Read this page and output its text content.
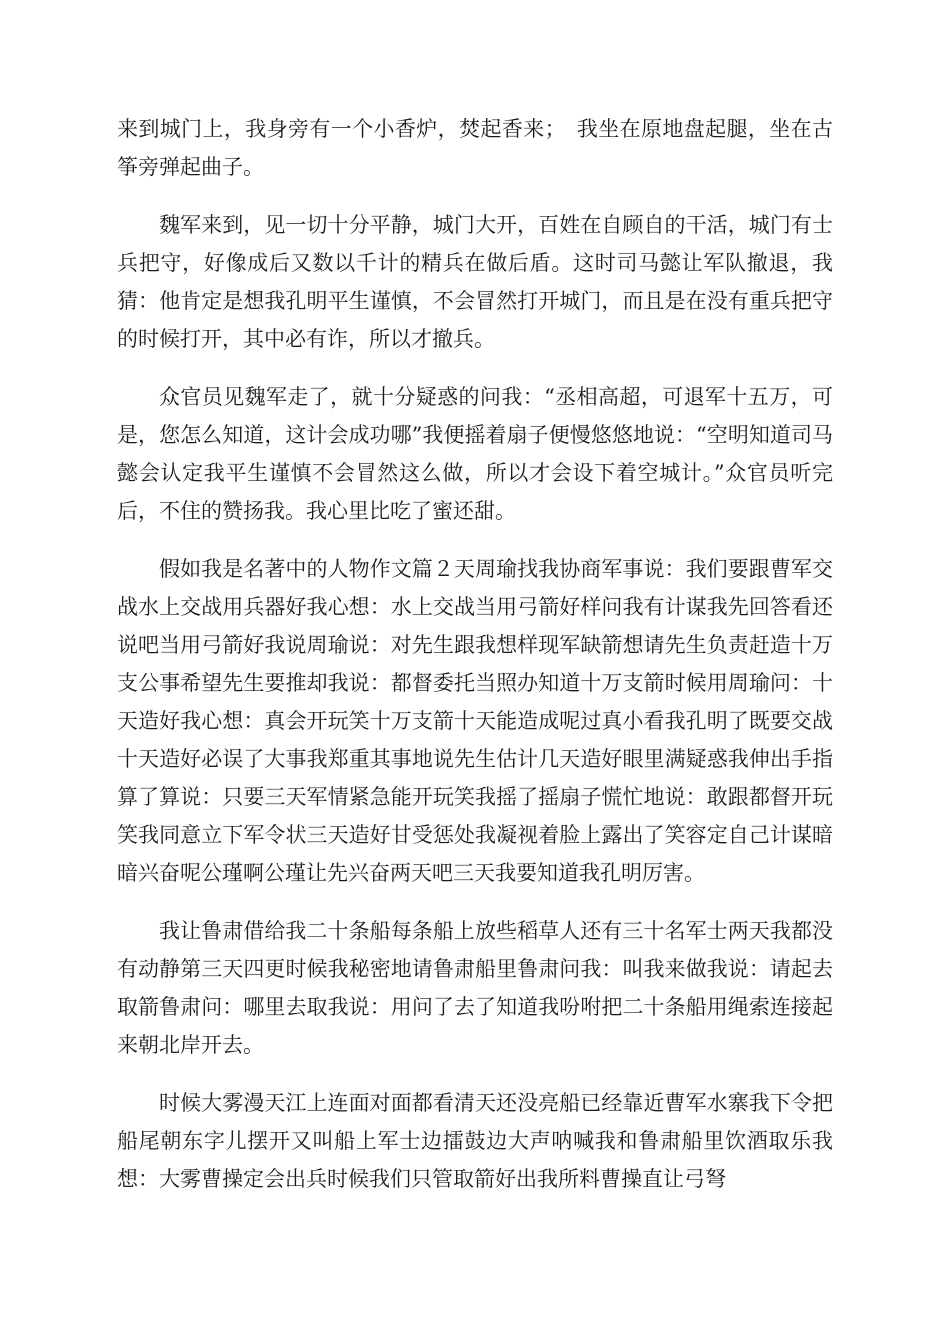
来到城门上，我身旁有一个小香炉，焚起香来；　我坐在原地盘起腿，坐在古筝旁弹起曲子。

魏军来到，见一切十分平静，城门大开，百姓在自顾自的干活，城门有士兵把守，好像成后又数以千计的精兵在做后盾。这时司马懿让军队撤退，我猜：他肯定是想我孔明平生谨慎，不会冒然打开城门，而且是在没有重兵把守的时候打开，其中必有诈，所以才撤兵。

众官员见魏军走了，就十分疑惑的问我：“丞相高超，可退军十五万，可是，您怎么知道，这计会成功哪”我便摇着扇子便慢悠悠地说：“空明知道司马懿会认定我平生谨慎不会冒然这么做，所以才会设下着空城计。”众官员听完后，不住的赞扬我。我心里比吃了蜜还甜。

假如我是名著中的人物作文篇２天周瑜找我协商军事说：我们要跟曹军交战水上交战用兵器好我心想：水上交战当用弓箭好样问我有计谋我先回答看还说吧当用弓箭好我说周瑜说：对先生跟我想样现军缺箭想请先生负责赶造十万支公事希望先生要推却我说：都督委托当照办知道十万支箭时候用周瑜问：十天造好我心想：真会开玩笑十万支箭十天能造成呢过真小看我孔明了既要交战十天造好必误了大事我郑重其事地说先生估计几天造好眼里满疑惑我伸出手指算了算说：只要三天军情紧急能开玩笑我摇了摇扇子慌忙地说：敢跟都督开玩笑我同意立下军令状三天造好甘受惩处我凝视着脸上露出了笑容定自己计谋暗暗兴奋呢公瑾啊公瑾让先兴奋两天吧三天我要知道我孔明厉害。

我让鲁肃借给我二十条船每条船上放些稻草人还有三十名军士两天我都没有动静第三天四更时候我秘密地请鲁肃船里鲁肃问我：叫我来做我说：请起去取箭鲁肃问：哪里去取我说：用问了去了知道我吩咐把二十条船用绳索连接起来朝北岸开去。

时候大雾漫天江上连面对面都看清天还没亮船已经靠近曹军水寨我下令把船尾朝东字儿摆开又叫船上军士边擂鼓边大声呐喊我和鲁肃船里饮酒取乐我想：大雾曹操定会出兵时候我们只管取箭好出我所料曹操直让弓弩
